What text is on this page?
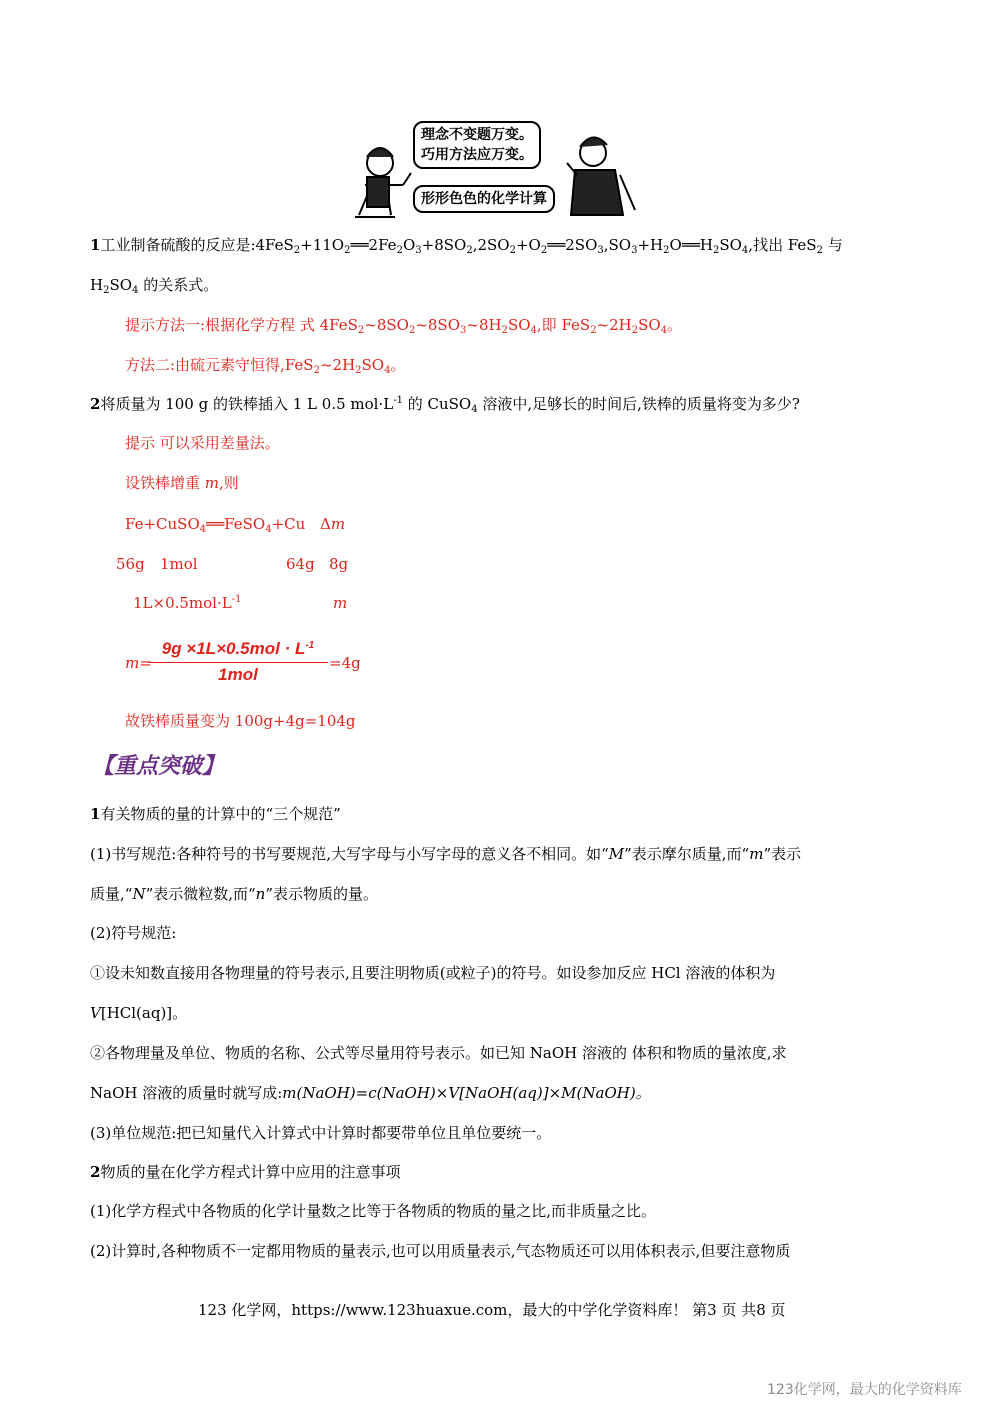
理念不变题万变。
巧用方法应万变。
形形色色的化学计算
1工业制备硫酸的反应是$:4FeS_2+11O_2══2Fe_2O_3+8SO_2,2SO_2+O_2══2SO_3,SO_3+H_2O══H_2SO_4$,找出 FeS$_2$ 与
$H_2SO_4$ 的关系式。
提示方法一:根据化学方程 式 $4FeS_2\sim 8SO_2\sim 8SO_3\sim 8H_2SO_4$,即 $FeS_2\sim 2H_2SO_4$。
方法二:由硫元素守恒得$,FeS_2\sim 2H_2SO_4$。
2将质量为 100 g 的铁棒插入 1 L 0.5 $mol\cdot L^{-1}$ 的 CuSO$_4$ 溶液中,足够长的时间后,铁棒的质量将变为多少?
提示 可以采用差量法。
设铁棒增重 m,则
Fe+CuSO$_4$══FeSO$_4$+Cu Δm
56g 1mol	64g 8g
$1L\times 0.5mol\cdot L^{-1}$	m
m=
$9g \times 1L\times 0.5mol \cdot L^{-1}$
1mol
=4g
故铁棒质量变为 100g+4g=104g
【重点突破】
1有关物质的量的计算中的“三个规范”
(1)书写规范:各种符号的书写要规范,大写字母与小写字母的意义各不相同。如“M”表示摩尔质量,而“m”表示
质量,“N”表示微粒数,而“n”表示物质的量。
(2)符号规范:
①设未知数直接用各物理量的符号表示,且要注明物质(或粒子)的符号。如设参加反应 HCl 溶液的体积为
V[HCl(aq)]。
②各物理量及单位、物质的名称、公式等尽量用符号表示。如已知 NaOH 溶液的 体积和物质的量浓度,求
NaOH 溶液的质量时就写成:m(NaOH)=c(NaOH)×V[NaOH(aq)]×M(NaOH)。
(3)单位规范:把已知量代入计算式中计算时都要带单位且单位要统一。
2物质的量在化学方程式计算中应用的注意事项
(1)化学方程式中各物质的化学计量数之比等于各物质的物质的量之比,而非质量之比。
(2)计算时,各种物质不一定都用物质的量表示,也可以用质量表示,气态物质还可以用体积表示,但要注意物质
123 化学网，https://www.123huaxue.com，最大的中学化学资料库！ 第3 页 共8 页
123化学网，最大的化学资料库
